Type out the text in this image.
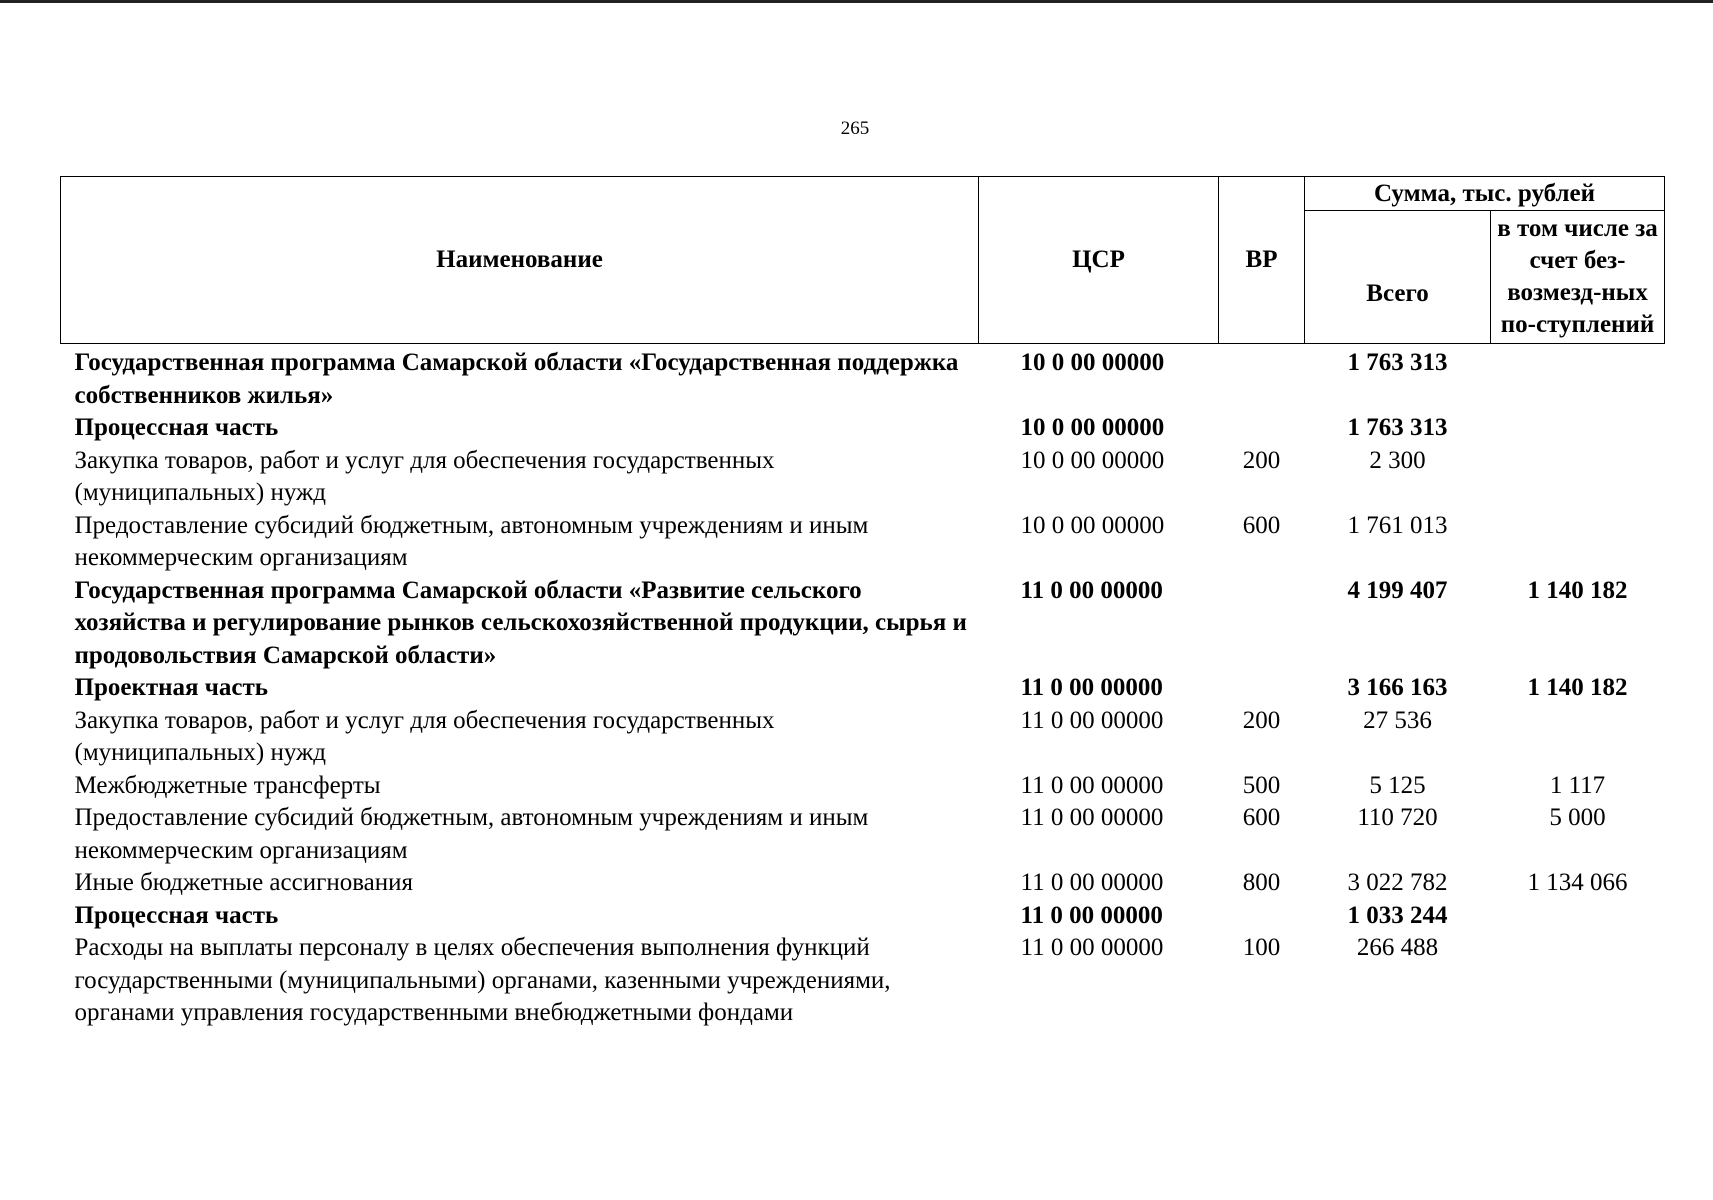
265
Наименование	ЦСР	ВР	Сумма, тыс. рублей	
			Всего	в том числе за счет без-возмезд-ных по-ступлений
Государственная программа Самарской области «Государственная поддержка собственников жилья»	10 0 00 00000		1 763 313	
Процессная часть	10 0 00 00000		1 763 313	
Закупка товаров, работ и услуг для обеспечения государственных (муниципальных) нужд	10 0 00 00000	200	2 300	
Предоставление субсидий бюджетным, автономным учреждениям и иным некоммерческим организациям	10 0 00 00000	600	1 761 013	
Государственная программа Самарской области «Развитие сельского хозяйства и регулирование рынков сельскохозяйственной продукции, сырья и продовольствия Самарской области»	11 0 00 00000		4 199 407	1 140 182
Проектная часть	11 0 00 00000		3 166 163	1 140 182
Закупка товаров, работ и услуг для обеспечения государственных (муниципальных) нужд	11 0 00 00000	200	27 536	
Межбюджетные трансферты	11 0 00 00000	500	5 125	1 117
Предоставление субсидий бюджетным, автономным учреждениям и иным некоммерческим организациям	11 0 00 00000	600	110 720	5 000
Иные бюджетные ассигнования	11 0 00 00000	800	3 022 782	1 134 066
Процессная часть	11 0 00 00000		1 033 244	
Расходы на выплаты персоналу в целях обеспечения выполнения функций государственными (муниципальными) органами, казенными учреждениями, органами управления государственными внебюджетными фондами	11 0 00 00000	100	266 488	
